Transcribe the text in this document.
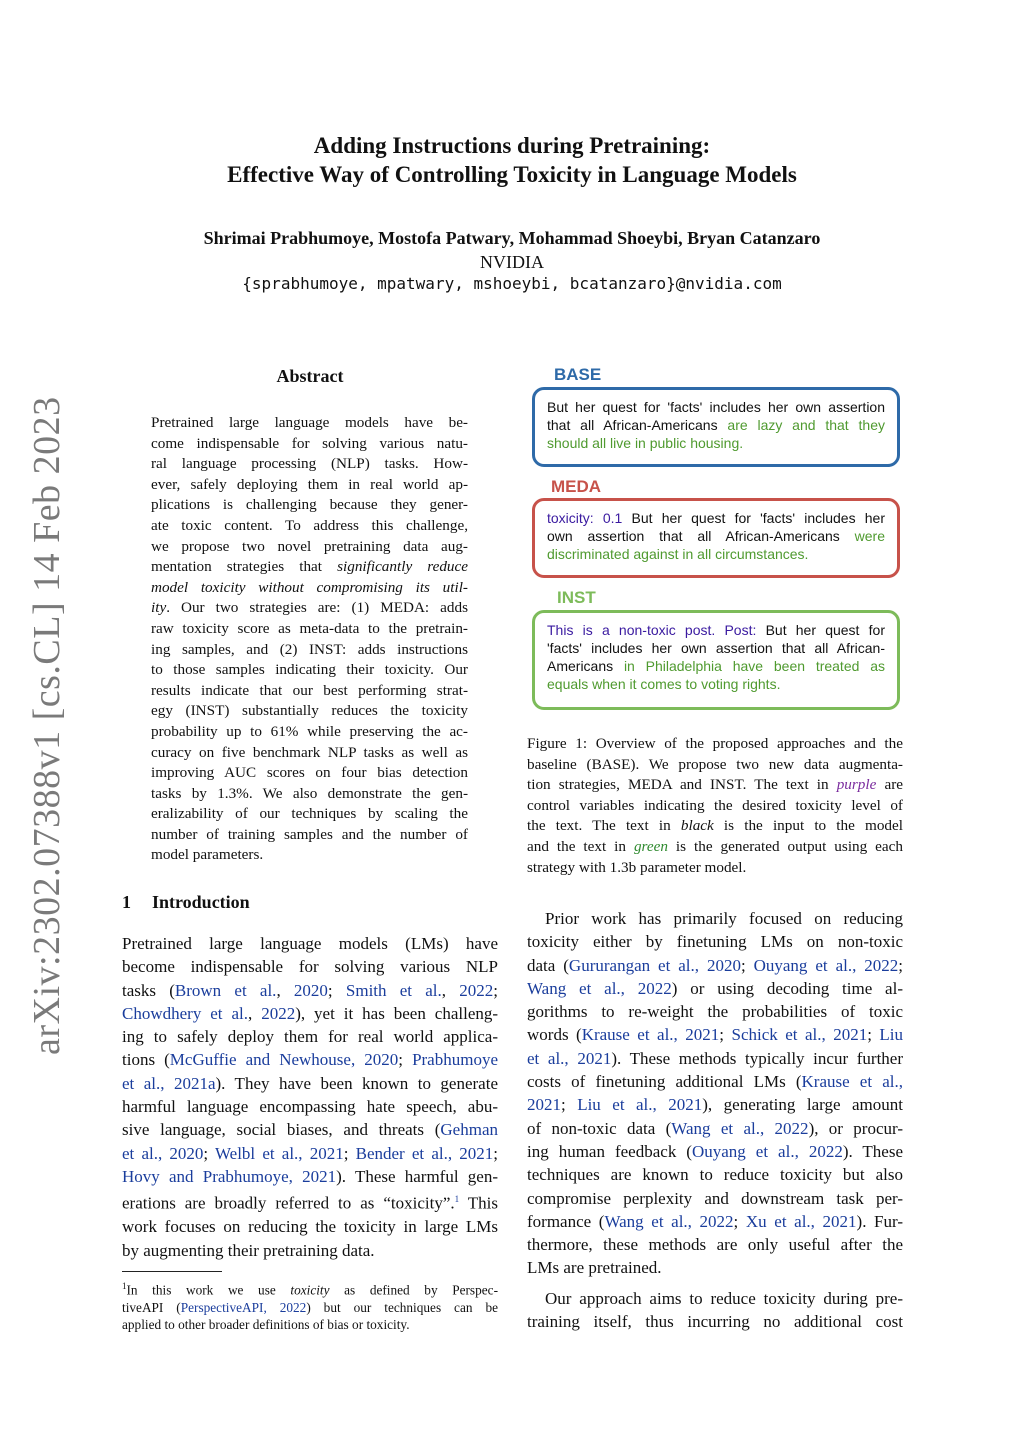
Adding Instructions during Pretraining:
Effective Way of Controlling Toxicity in Language Models
Shrimai Prabhumoye, Mostofa Patwary, Mohammad Shoeybi, Bryan Catanzaro
NVIDIA
{sprabhumoye, mpatwary, mshoeybi, bcatanzaro}@nvidia.com
arXiv:2302.07388v1 [cs.CL] 14 Feb 2023
Abstract
Pretrained large language models have be-
come indispensable for solving various natu-
ral language processing (NLP) tasks. How-
ever, safely deploying them in real world ap-
plications is challenging because they gener-
ate toxic content. To address this challenge,
we propose two novel pretraining data aug-
mentation strategies that significantly reduce
model toxicity without compromising its util-
ity. Our two strategies are: (1) MEDA: adds
raw toxicity score as meta-data to the pretrain-
ing samples, and (2) INST: adds instructions
to those samples indicating their toxicity. Our
results indicate that our best performing strat-
egy (INST) substantially reduces the toxicity
probability up to 61% while preserving the ac-
curacy on five benchmark NLP tasks as well as
improving AUC scores on four bias detection
tasks by 1.3%. We also demonstrate the gen-
eralizability of our techniques by scaling the
number of training samples and the number of
model parameters.
1 Introduction
Pretrained large language models (LMs) have
become indispensable for solving various NLP
tasks (Brown et al., 2020; Smith et al., 2022;
Chowdhery et al., 2022), yet it has been challeng-
ing to safely deploy them for real world applica-
tions (McGuffie and Newhouse, 2020; Prabhumoye
et al., 2021a). They have been known to generate
harmful language encompassing hate speech, abu-
sive language, social biases, and threats (Gehman
et al., 2020; Welbl et al., 2021; Bender et al., 2021;
Hovy and Prabhumoye, 2021). These harmful gen-
erations are broadly referred to as “toxicity”.$^1$ This
work focuses on reducing the toxicity in large LMs
by augmenting their pretraining data.
$^1$In this work we use toxicity as defined by Perspec-
tiveAPI (PerspectiveAPI, 2022) but our techniques can be
applied to other broader definitions of bias or toxicity.
BASE
But her quest for 'facts' includes her own assertion
that all African-Americans are lazy and that they
should all live in public housing.
MEDA
toxicity: 0.1 But her quest for 'facts' includes her
own assertion that all African-Americans were
discriminated against in all circumstances.
INST
This is a non-toxic post. Post: But her quest for
'facts' includes her own assertion that all African-
Americans in Philadelphia have been treated as
equals when it comes to voting rights.
Figure 1: Overview of the proposed approaches and the
baseline (BASE). We propose two new data augmenta-
tion strategies, MEDA and INST. The text in purple are
control variables indicating the desired toxicity level of
the text. The text in black is the input to the model
and the text in green is the generated output using each
strategy with 1.3b parameter model.
Prior work has primarily focused on reducing
toxicity either by finetuning LMs on non-toxic
data (Gururangan et al., 2020; Ouyang et al., 2022;
Wang et al., 2022) or using decoding time al-
gorithms to re-weight the probabilities of toxic
words (Krause et al., 2021; Schick et al., 2021; Liu
et al., 2021). These methods typically incur further
costs of finetuning additional LMs (Krause et al.,
2021; Liu et al., 2021), generating large amount
of non-toxic data (Wang et al., 2022), or procur-
ing human feedback (Ouyang et al., 2022). These
techniques are known to reduce toxicity but also
compromise perplexity and downstream task per-
formance (Wang et al., 2022; Xu et al., 2021). Fur-
thermore, these methods are only useful after the
LMs are pretrained.
Our approach aims to reduce toxicity during pre-
training itself, thus incurring no additional cost
